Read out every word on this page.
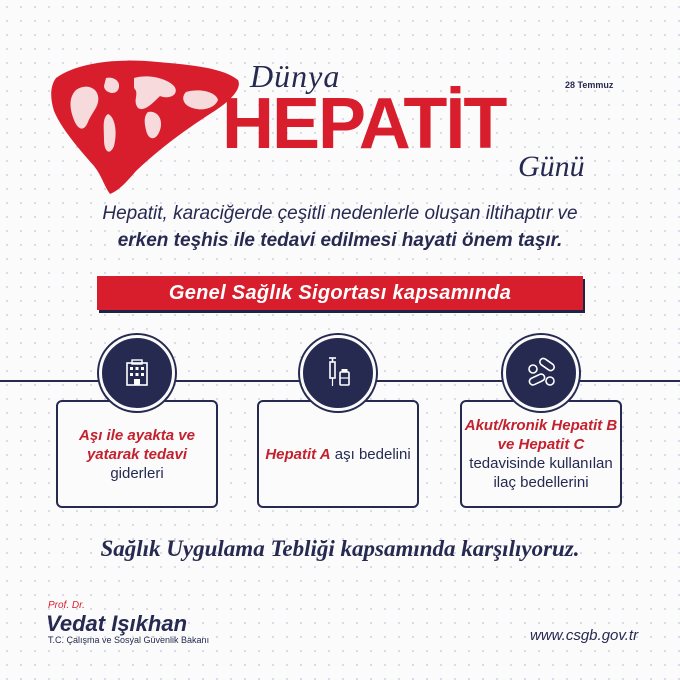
Dünya	28 Temmuz
HEPATİT
Günü
Hepatit, karaciğerde çeşitli nedenlerle oluşan iltihaptır ve
erken teşhis ile tedavi edilmesi hayati önem taşır.
Genel Sağlık Sigortası kapsamında
Aşı ile ayakta ve yatarak tedavi
giderleri
Hepatit A aşı bedelini
Akut/kronik Hepatit B ve Hepatit C
tedavisinde kullanılan ilaç bedellerini
Sağlık Uygulama Tebliği kapsamında karşılıyoruz.
Prof. Dr.
Vedat Işıkhan
T.C. Çalışma ve Sosyal Güvenlik Bakanı	www.csgb.gov.tr
